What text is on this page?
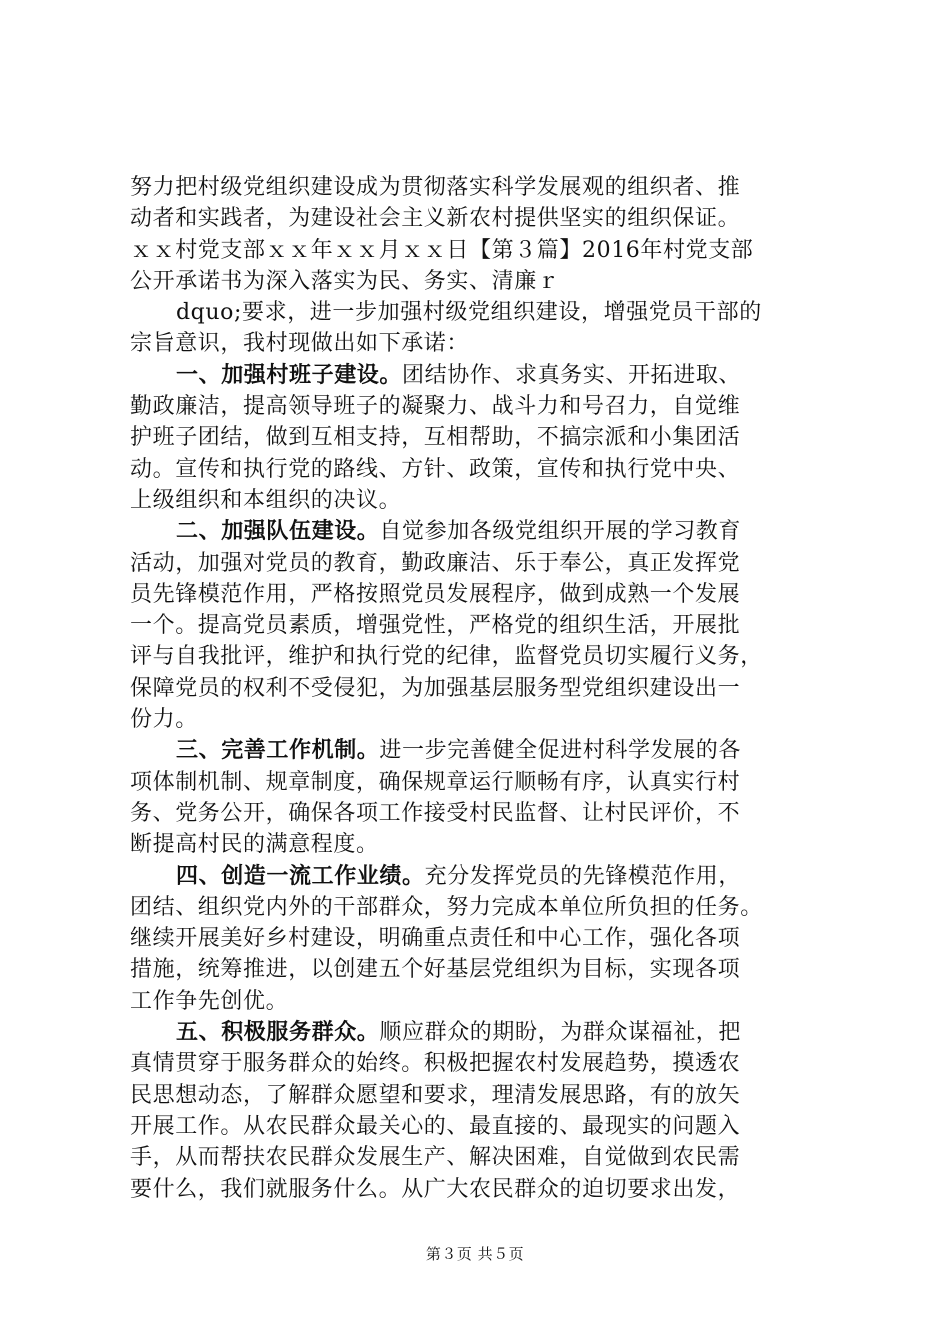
努力把村级党组织建设成为贯彻落实科学发展观的组织者、推
动者和实践者，为建设社会主义新农村提供坚实的组织保证。
ｘｘ村党支部ｘｘ年ｘｘ月ｘｘ日【第３篇】2016年村党支部
公开承诺书为深入落实为民、务实、清廉ｒ
dquo;要求，进一步加强村级党组织建设，增强党员干部的
宗旨意识，我村现做出如下承诺：
一、加强村班子建设。团结协作、求真务实、开拓进取、
勤政廉洁，提高领导班子的凝聚力、战斗力和号召力，自觉维
护班子团结，做到互相支持，互相帮助，不搞宗派和小集团活
动。宣传和执行党的路线、方针、政策，宣传和执行党中央、
上级组织和本组织的决议。
二、加强队伍建设。自觉参加各级党组织开展的学习教育
活动，加强对党员的教育，勤政廉洁、乐于奉公，真正发挥党
员先锋模范作用，严格按照党员发展程序，做到成熟一个发展
一个。提高党员素质，增强党性，严格党的组织生活，开展批
评与自我批评，维护和执行党的纪律，监督党员切实履行义务，
保障党员的权利不受侵犯，为加强基层服务型党组织建设出一
份力。
三、完善工作机制。进一步完善健全促进村科学发展的各
项体制机制、规章制度，确保规章运行顺畅有序，认真实行村
务、党务公开，确保各项工作接受村民监督、让村民评价，不
断提高村民的满意程度。
四、创造一流工作业绩。充分发挥党员的先锋模范作用，
团结、组织党内外的干部群众，努力完成本单位所负担的任务。
继续开展美好乡村建设，明确重点责任和中心工作，强化各项
措施，统筹推进，以创建五个好基层党组织为目标，实现各项
工作争先创优。
五、积极服务群众。顺应群众的期盼，为群众谋福祉，把
真情贯穿于服务群众的始终。积极把握农村发展趋势，摸透农
民思想动态，了解群众愿望和要求，理清发展思路，有的放矢
开展工作。从农民群众最关心的、最直接的、最现实的问题入
手，从而帮扶农民群众发展生产、解决困难，自觉做到农民需
要什么，我们就服务什么。从广大农民群众的迫切要求出发，
第３页 共５页
